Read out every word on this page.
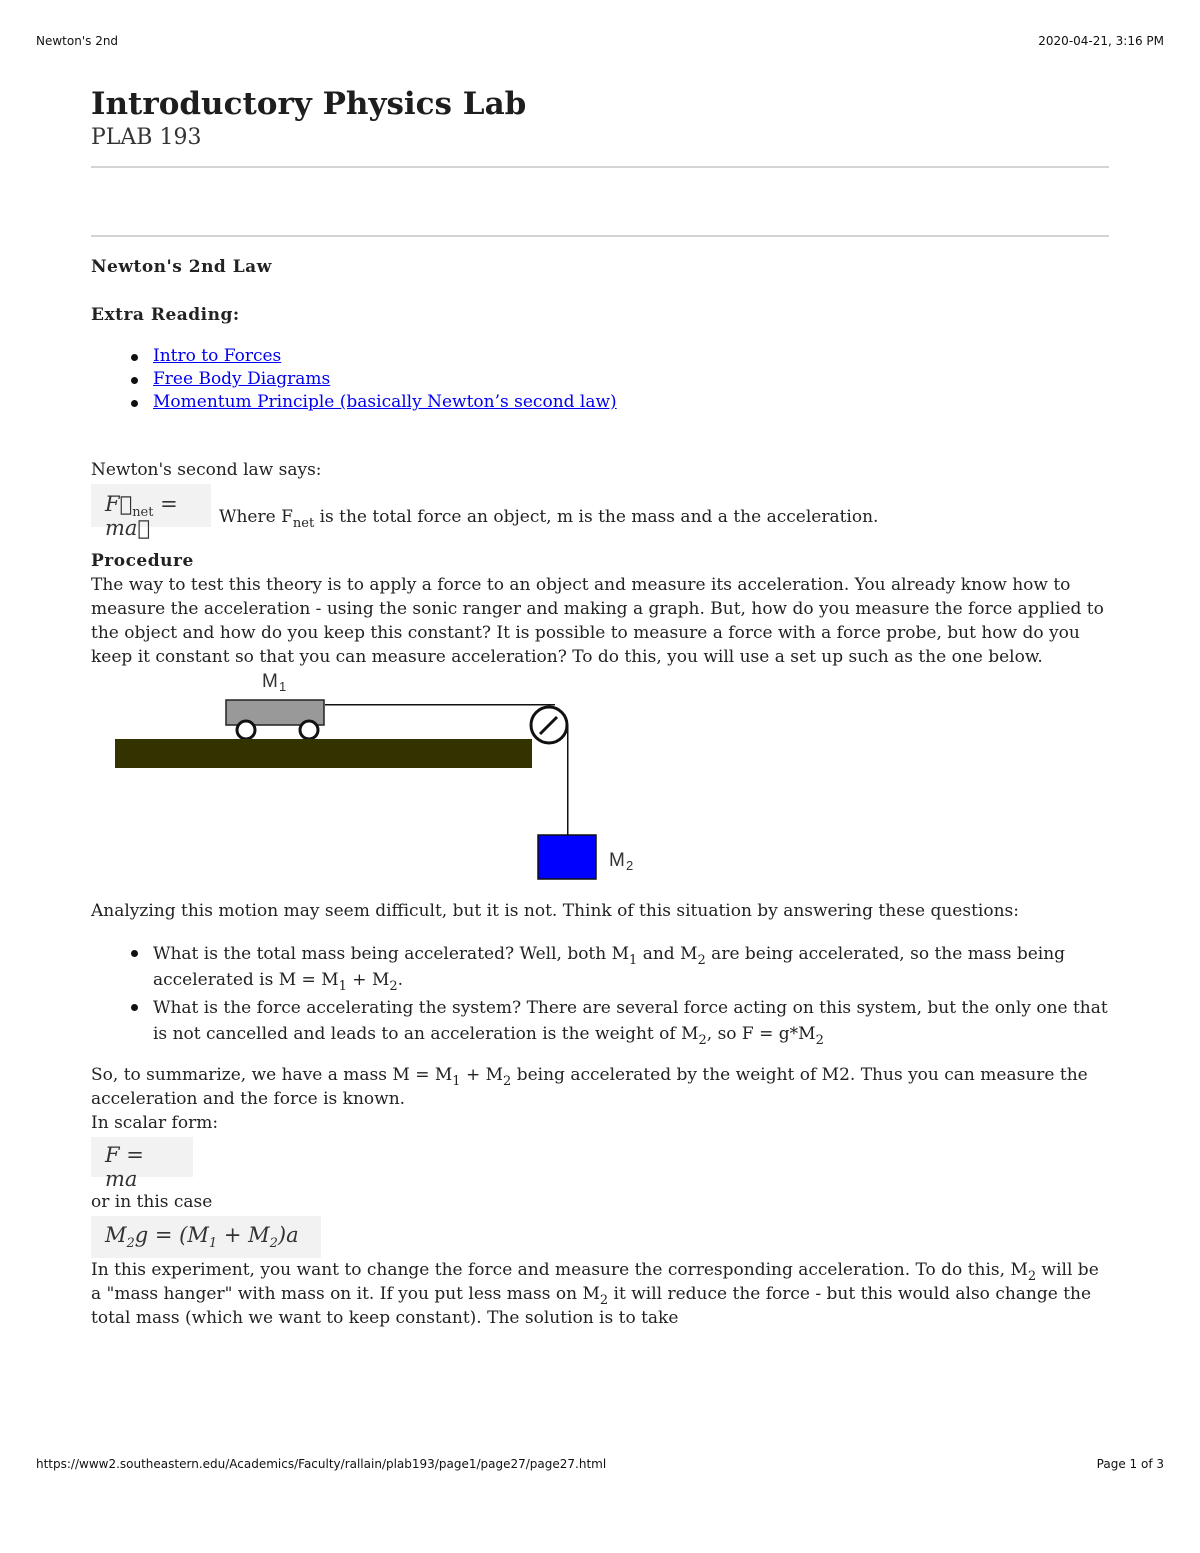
Newton's 2nd	2020-04-21, 3:16 PM
Introductory Physics Lab
PLAB 193
Newton's 2nd Law
Extra Reading:
Intro to Forces
Free Body Diagrams
Momentum Principle (basically Newton’s second law)

Newton's second law says:

$F⃗_{net}$ = ma⃗	Where $F_{net}$ is the total force an object, m is the mass and a the acceleration.

Procedure

The way to test this theory is to apply a force to an object and measure its acceleration. You already know how to measure the acceleration - using the sonic ranger and making a graph. But, how do you measure the force applied to the object and how do you keep this constant? It is possible to measure a force with a force probe, but how do you keep it constant so that you can measure acceleration? To do this, you will use a set up such as the one below.

M 1
M 2

Analyzing this motion may seem difficult, but it is not. Think of this situation by answering these questions:

What is the total mass being accelerated? Well, both $M_1$ and $M_2$ are being accelerated, so the mass being accelerated is $M = M_1 + M_2$.
What is the force accelerating the system? There are several force acting on this system, but the only one that is not cancelled and leads to an acceleration is the weight of $M_2$, so $F = g*M_2$

So, to summarize, we have a mass $M = M_1 + M_2$ being accelerated by the weight of M2. Thus you can measure the acceleration and the force is known.

In scalar form:

F = ma

or in this case

$M_2g = (M_1 + M_2)a$

In this experiment, you want to change the force and measure the corresponding acceleration. To do this, $M_2$ will be a "mass hanger" with mass on it. If you put less mass on $M_2$ it will reduce the force - but this would also change the total mass (which we want to keep constant). The solution is to take

https://www2.southeastern.edu/Academics/Faculty/rallain/plab193/page1/page27/page27.html	Page 1 of 3
